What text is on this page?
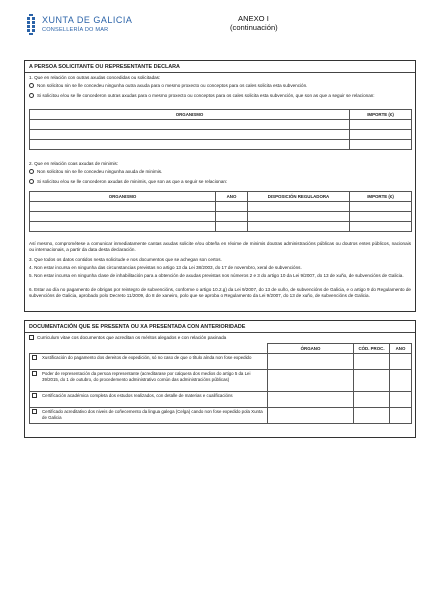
XUNTA DE GALICIA
CONSELLERÍA DO MAR
ANEXO I
(continuación)
A PERSOA SOLICITANTE OU REPRESENTANTE DECLARA
1. Que en relación con outras axudas concedidas ou solicitadas:
Non solicitou nin se lle concedeu ningunha outra axuda para o mesmo proxecto ou conceptos para os cales solicita esta subvención.
Si solicitou e/ou se lle concederon outras axudas para o mesmo proxecto ou conceptos para os cales solicita esta subvención, que son as que a seguir se relacionan:
ORGANISMO	IMPORTE (€)

2. Que en relación coas axudas de minimis:
Non solicitou nin se lle concedeu ningunha axuda de minimis.
Si solicitou e/ou se lle concederon axudas de minimis, que son as que a seguir se relacionan:
ORGANISMO	ANO	DISPOSICIÓN REGULADORA	IMPORTE (€)

Así mesmo, comprométese a comunicar inmediatamente cantas axudas solicite e/ou obteña en réxime de minimis doutras administracións públicas ou doutros entes públicos, nacionais ou internacionais, a partir da data desta declaración.
3. Que todos os datos contidos nesta solicitude e nos documentos que se achegan son certos.
4. Non estar incursa en ningunha das circunstancias previstas no artigo 13 da Lei 38/2003, do 17 de novembro, xeral de subvencións.
5. Non estar incursa en ningunha clase de inhabilitación para a obtención de axudas previstas nos números 2 e 3 do artigo 10 da Lei 9/2007, do 13 de xuño, de subvencións de Galicia.
6. Estar ao día no pagamento de obrigas por reintegro de subvencións, conforme o artigo 10.2.g) da Lei 9/2007, do 13 de xuño, de subvencións de Galicia, e o artigo 9 do Regulamento de subvencións de Galicia, aprobado polo Decreto 11/2009, do 8 de xaneiro, polo que se aproba o Regulamento da Lei 9/2007, do 13 de xuño, de subvencións de Galicia.
DOCUMENTACIÓN QUE SE PRESENTA OU XA PRESENTADA CON ANTERIORIDADE
Curriculum vitae cos documentos que acreditan os méritos alegados e con relación paxinada
	ÓRGANO	CÓD. PROC.	ANO

Xustificación do pagamento dos dereitos de expedición, só no caso de que o título aínda non fose expedido			

Poder de representación da persoa representante (acreditarase por calquera dos medios do artigo 5 da Lei 39/2015, do 1 de outubro, do procedemento administrativo común das administracións públicas)			

Certificación académica completa dos estudos realizados, con detalle de materias e cualificacións			

Certificado acreditativo dos niveis de coñecemento da lingua galega (Celga) cando non fose expedido pola Xunta de Galicia			
